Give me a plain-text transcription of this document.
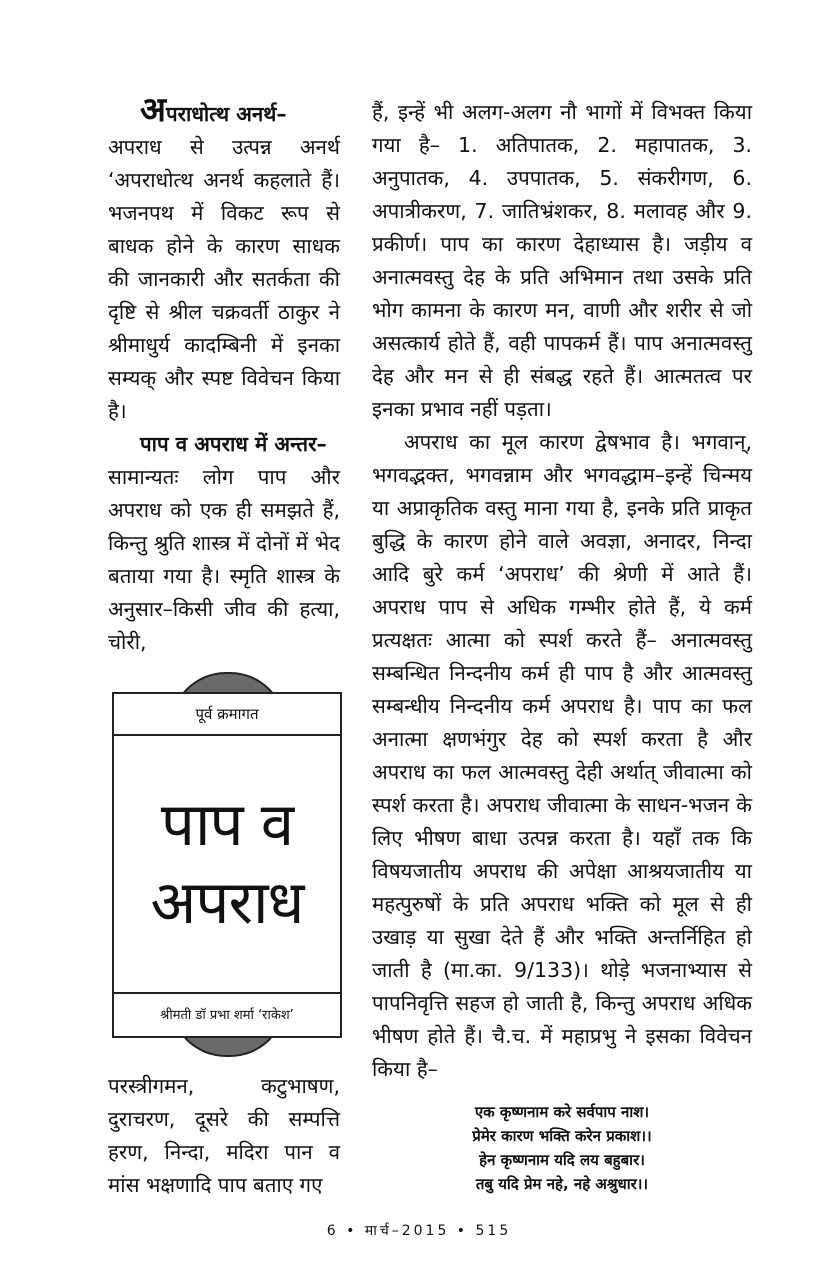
अपराधोत्थ अनर्थ–

अपराध से उत्पन्न अनर्थ ‘अपराधोत्थ अनर्थ कहलाते हैं। भजनपथ में विकट रूप से बाधक होने के कारण साधक की जानकारी और सतर्कता की दृष्टि से श्रील चक्रवर्ती ठाकुर ने श्रीमाधुर्य कादम्बिनी में इनका सम्यक् और स्पष्ट विवेचन किया है।

पाप व अपराध में अन्तर–

सामान्यतः लोग पाप और अपराध को एक ही समझते हैं, किन्तु श्रुति शास्त्र में दोनों में भेद बताया गया है। स्मृति शास्त्र के अनुसार–किसी जीव की हत्या, चोरी,

पूर्व क्रमागत
पाप व
अपराध
श्रीमती डॉ प्रभा शर्मा ‘राकेश’
परस्त्रीगमन, कटुभाषण, दुराचरण, दूसरे की सम्पत्ति हरण, निन्दा, मदिरा पान व मांस भक्षणादि पाप बताए गए

हैं, इन्हें भी अलग-अलग नौ भागों में विभक्त किया गया है– 1. अतिपातक, 2. महापातक, 3. अनुपातक, 4. उपपातक, 5. संकरीगण, 6. अपात्रीकरण, 7. जातिभ्रंशकर, 8. मलावह और 9. प्रकीर्ण। पाप का कारण देहाध्यास है। जड़ीय व अनात्मवस्तु देह के प्रति अभिमान तथा उसके प्रति भोग कामना के कारण मन, वाणी और शरीर से जो असत्कार्य होते हैं, वही पापकर्म हैं। पाप अनात्मवस्तु देह और मन से ही संबद्ध रहते हैं। आत्मतत्व पर इनका प्रभाव नहीं पड़ता।

अपराध का मूल कारण द्वेषभाव है। भगवान्, भगवद्भक्त, भगवन्नाम और भगवद्धाम–इन्हें चिन्मय या अप्राकृतिक वस्तु माना गया है, इनके प्रति प्राकृत बुद्धि के कारण होने वाले अवज्ञा, अनादर, निन्दा आदि बुरे कर्म ‘अपराध’ की श्रेणी में आते हैं। अपराध पाप से अधिक गम्भीर होते हैं, ये कर्म प्रत्यक्षतः आत्मा को स्पर्श करते हैं– अनात्मवस्तु सम्बन्धित निन्दनीय कर्म ही पाप है और आत्मवस्तु सम्बन्धीय निन्दनीय कर्म अपराध है। पाप का फल अनात्मा क्षणभंगुर देह को स्पर्श करता है और अपराध का फल आत्मवस्तु देही अर्थात् जीवात्मा को स्पर्श करता है। अपराध जीवात्मा के साधन-भजन के लिए भीषण बाधा उत्पन्न करता है। यहाँ तक कि विषयजातीय अपराध की अपेक्षा आश्रयजातीय या महत्पुरुषों के प्रति अपराध भक्ति को मूल से ही उखाड़ या सुखा देते हैं और भक्ति अन्तर्निहित हो जाती है (मा.का. 9/133)। थोड़े भजनाभ्यास से पापनिवृत्ति सहज हो जाती है, किन्तु अपराध अधिक भीषण होते हैं। चै.च. में महाप्रभु ने इसका विवेचन किया है–

एक कृष्णनाम करे सर्वपाप नाश।
प्रेमेर कारण भक्ति करेन प्रकाश।।
हेन कृष्णनाम यदि लय बहुबार।
तबु यदि प्रेम नहे, नहे अश्रुधार।।
6 • मार्च–2015 • 515
